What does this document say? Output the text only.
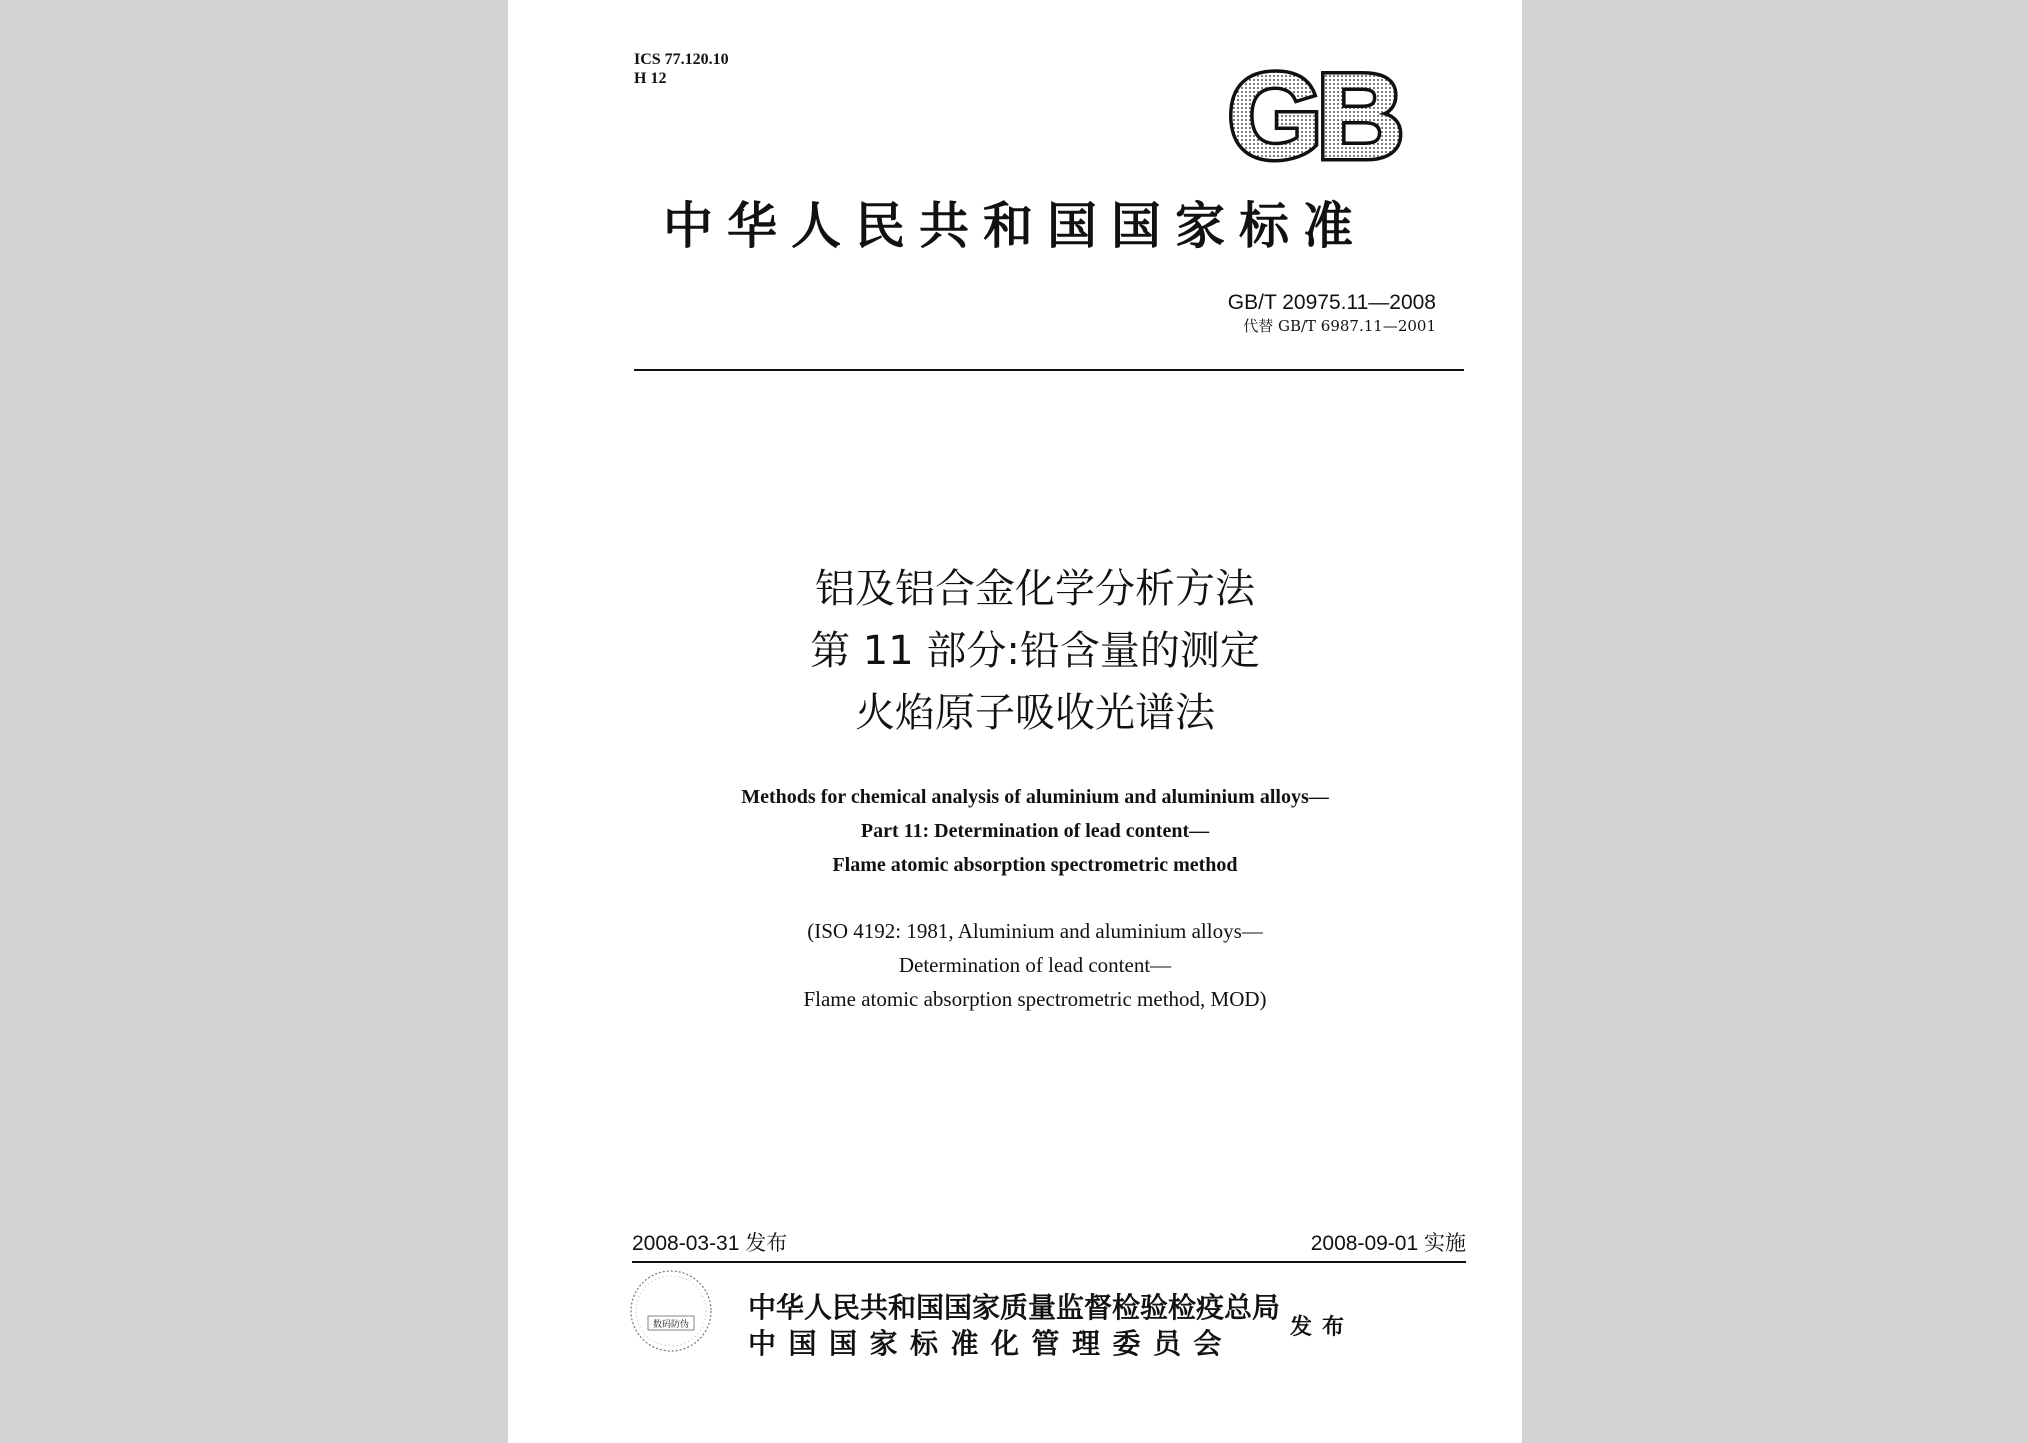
ICS 77.120.10
H 12	GB
中华人民共和国国家标准
GB/T 20975.11—2008
代替 GB/T 6987.11—2001
铝及铝合金化学分析方法
第 11 部分:铅含量的测定
火焰原子吸收光谱法
Methods for chemical analysis of aluminium and aluminium alloys—
Part 11: Determination of lead content—
Flame atomic absorption spectrometric method
(ISO 4192: 1981, Aluminium and aluminium alloys—
Determination of lead content—
Flame atomic absorption spectrometric method, MOD)
2008-03-31 发布	2008-09-01 实施
数码防伪
中华人民共和国国家质量监督检验检疫总局
中国国家标准化管理委员会	发布
